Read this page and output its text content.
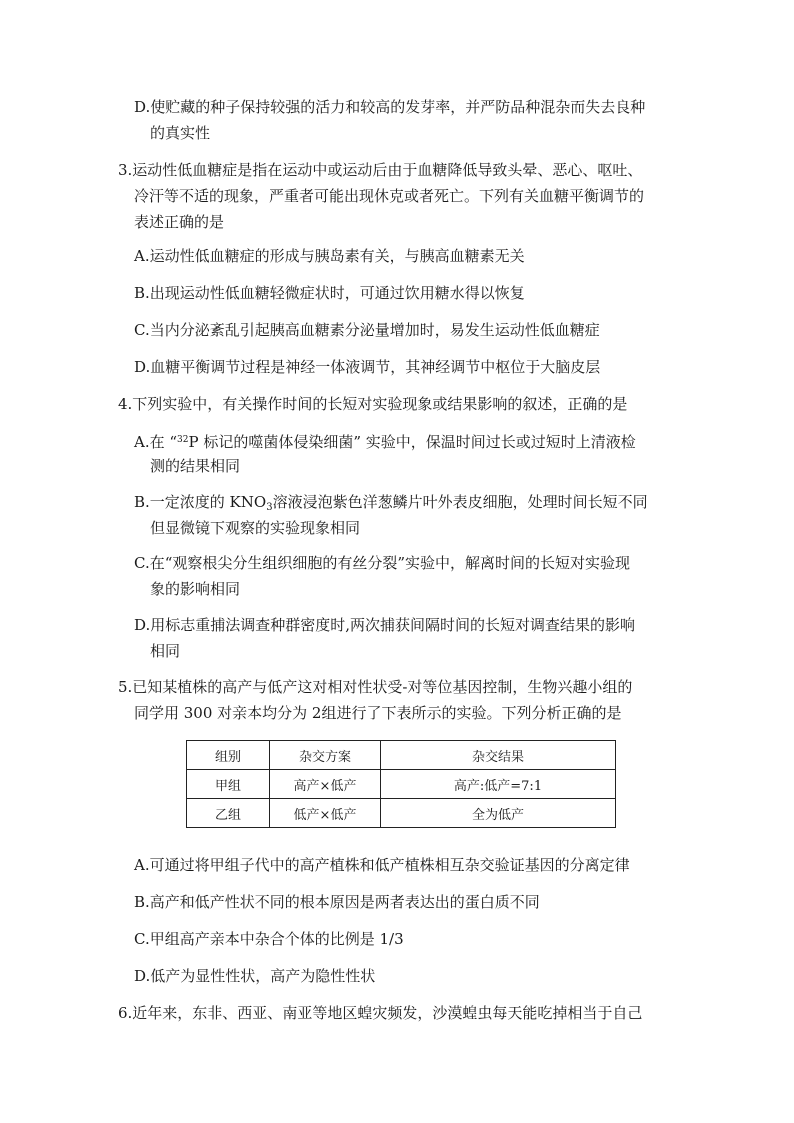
D.使贮藏的种子保持较强的活力和较高的发芽率，并严防品种混杂而失去良种
的真实性
3.运动性低血糖症是指在运动中或运动后由于血糖降低导致头晕、恶心、呕吐、
冷汗等不适的现象，严重者可能出现休克或者死亡。下列有关血糖平衡调节的
表述正确的是
A.运动性低血糖症的形成与胰岛素有关，与胰高血糖素无关
B.出现运动性低血糖轻微症状时，可通过饮用糖水得以恢复
C.当内分泌紊乱引起胰高血糖素分泌量增加时，易发生运动性低血糖症
D.血糖平衡调节过程是神经一体液调节，其神经调节中枢位于大脑皮层
4.下列实验中，有关操作时间的长短对实验现象或结果影响的叙述，正确的是
A.在 “$^{32}$P 标记的噬菌体侵染细菌” 实验中，保温时间过长或过短时上清液检
测的结果相同
B.一定浓度的 $KNO_3$溶液浸泡紫色洋葱鳞片叶外表皮细胞，处理时间长短不同
但显微镜下观察的实验现象相同
C.在“观察根尖分生组织细胞的有丝分裂”实验中，解离时间的长短对实验现
象的影响相同
D.用标志重捕法调查种群密度时,两次捕获间隔时间的长短对调查结果的影响
相同
5.已知某植株的高产与低产这对相对性状受-对等位基因控制，生物兴趣小组的
同学用 300 对亲本均分为 2组进行了下表所示的实验。下列分析正确的是
组别	杂交方案	杂交结果
甲组	高产×低产	高产:低产=7:1
乙组	低产×低产	全为低产
A.可通过将甲组子代中的高产植株和低产植株相互杂交验证基因的分离定律
B.高产和低产性状不同的根本原因是两者表达出的蛋白质不同
C.甲组高产亲本中杂合个体的比例是 1/3
D.低产为显性性状，高产为隐性性状
6.近年来，东非、西亚、南亚等地区蝗灾频发，沙漠蝗虫每天能吃掉相当于自己
